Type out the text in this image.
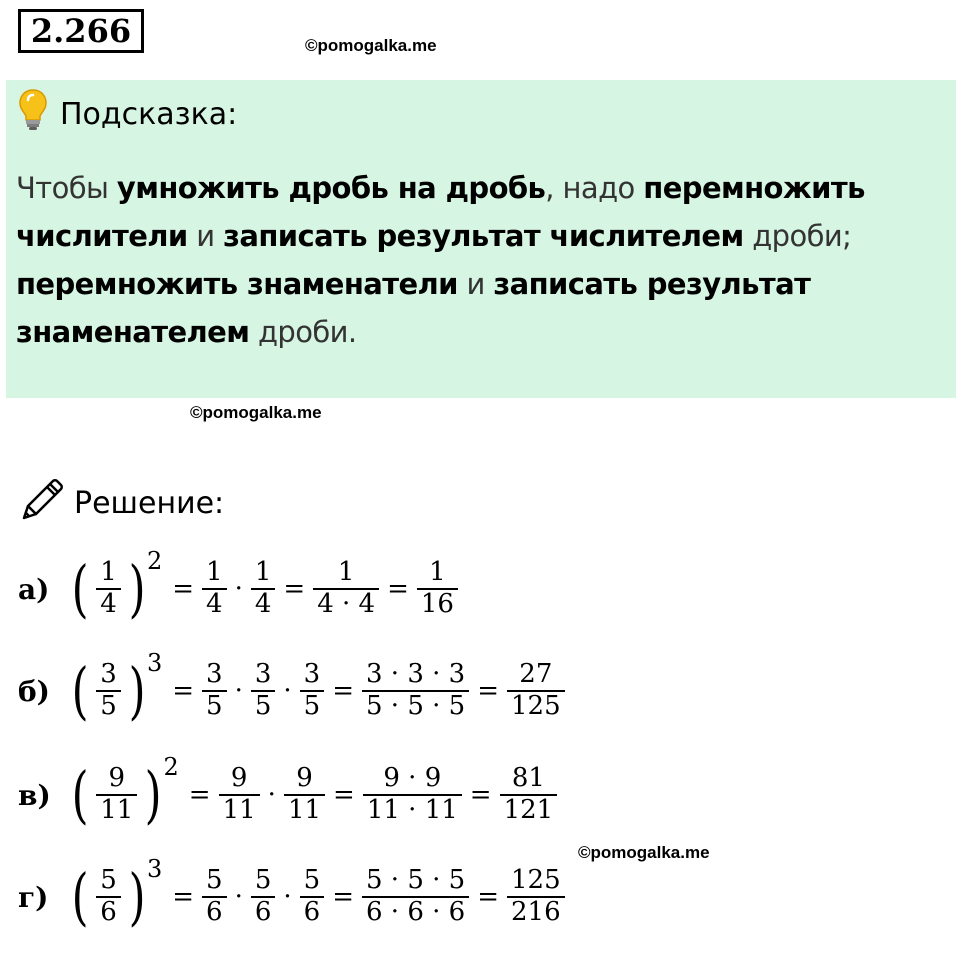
2.266	©pomogalka.me
Подсказка:
Чтобы умножить дробь на дробь, надо перемножить числители и записать результат числителем дроби; перемножить знаменатели и записать результат знаменателем дроби.
©pomogalka.me
Решение:
а) ( $\frac{1}{4}$ ) 2
= $\frac{1}{4} \cdot \frac{1}{4} = \frac{1}{4 \cdot 4} = \frac{1}{16}$
б) ( $\frac{3}{5}$ ) 3
= $\frac{3}{5} \cdot \frac{3}{5} \cdot \frac{3}{5} = \frac{3 \cdot 3 \cdot 3}{5 \cdot 5 \cdot 5} = \frac{27}{125}$
в) ( $\frac{9}{11}$ ) 2
= $\frac{9}{11} \cdot \frac{9}{11} = \frac{9 \cdot 9}{11 \cdot 11} = \frac{81}{121}$
г) ( $\frac{5}{6}$ ) 3
= $\frac{5}{6} \cdot \frac{5}{6} \cdot \frac{5}{6} = \frac{5 \cdot 5 \cdot 5}{6 \cdot 6 \cdot 6} = \frac{125}{216}$
©pomogalka.me
